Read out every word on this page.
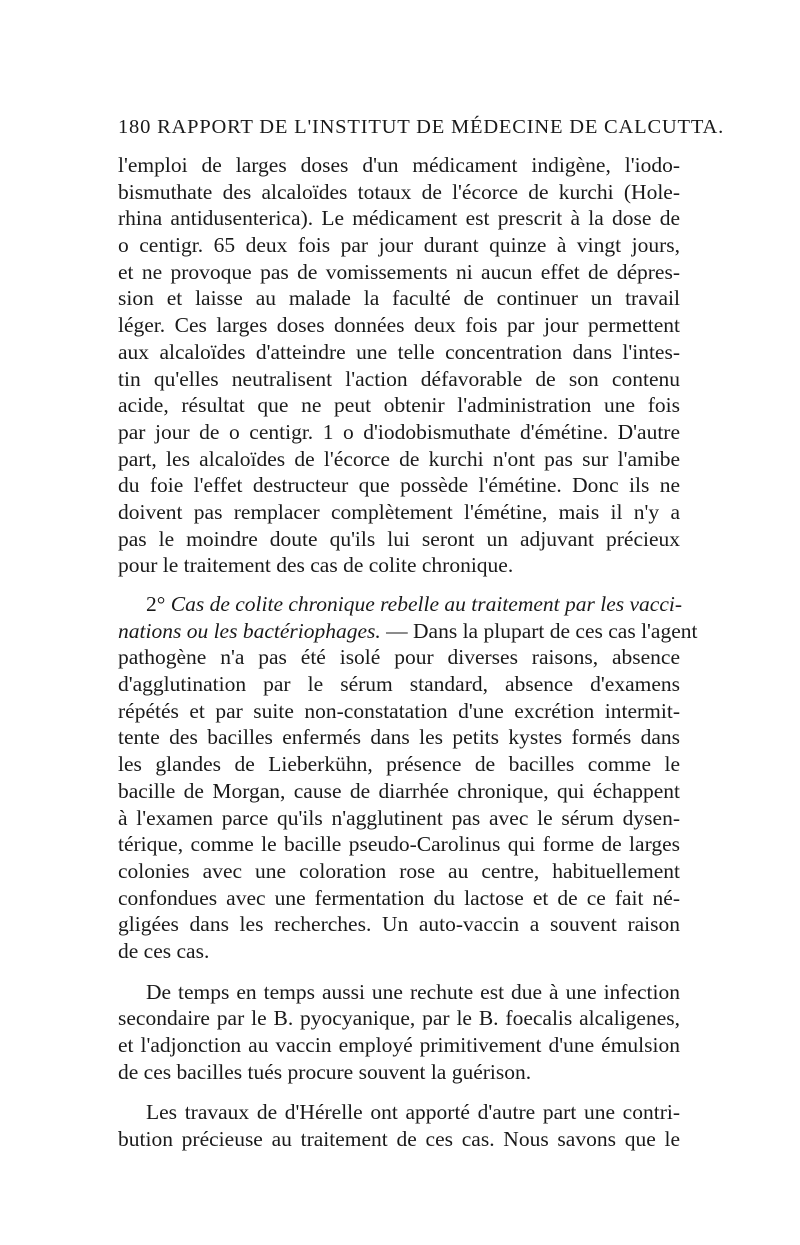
180 RAPPORT DE L'INSTITUT DE MÉDECINE DE CALCUTTA.
l'emploi de larges doses d'un médicament indigène, l'iodo-
bismuthate des alcaloïdes totaux de l'écorce de kurchi (Hole-
rhina antidusenterica). Le médicament est prescrit à la dose de
o centigr. 65 deux fois par jour durant quinze à vingt jours,
et ne provoque pas de vomissements ni aucun effet de dépres-
sion et laisse au malade la faculté de continuer un travail
léger. Ces larges doses données deux fois par jour permettent
aux alcaloïdes d'atteindre une telle concentration dans l'intes-
tin qu'elles neutralisent l'action défavorable de son contenu
acide, résultat que ne peut obtenir l'administration une fois
par jour de o centigr. 1 o d'iodobismuthate d'émétine. D'autre
part, les alcaloïdes de l'écorce de kurchi n'ont pas sur l'amibe
du foie l'effet destructeur que possède l'émétine. Donc ils ne
doivent pas remplacer complètement l'émétine, mais il n'y a
pas le moindre doute qu'ils lui seront un adjuvant précieux
pour le traitement des cas de colite chronique.
2° Cas de colite chronique rebelle au traitement par les vacci-
nations ou les bactériophages. — Dans la plupart de ces cas l'agent
pathogène n'a pas été isolé pour diverses raisons, absence
d'agglutination par le sérum standard, absence d'examens
répétés et par suite non-constatation d'une excrétion intermit-
tente des bacilles enfermés dans les petits kystes formés dans
les glandes de Lieberkühn, présence de bacilles comme le
bacille de Morgan, cause de diarrhée chronique, qui échappent
à l'examen parce qu'ils n'agglutinent pas avec le sérum dysen-
térique, comme le bacille pseudo-Carolinus qui forme de larges
colonies avec une coloration rose au centre, habituellement
confondues avec une fermentation du lactose et de ce fait né-
gligées dans les recherches. Un auto-vaccin a souvent raison
de ces cas.
De temps en temps aussi une rechute est due à une infection
secondaire par le B. pyocyanique, par le B. foecalis alcaligenes,
et l'adjonction au vaccin employé primitivement d'une émulsion
de ces bacilles tués procure souvent la guérison.
Les travaux de d'Hérelle ont apporté d'autre part une contri-
bution précieuse au traitement de ces cas. Nous savons que le
